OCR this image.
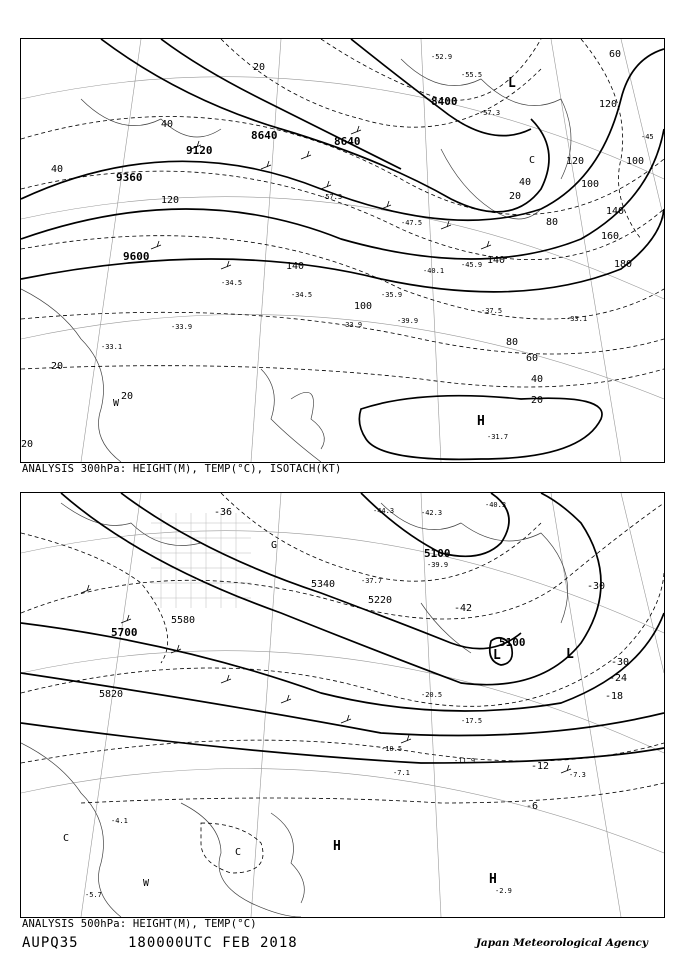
8400
8640	8640
9120
9360
9600
20
40
40
120
140
100
80
60
40
20
20
20
20
140
20
40
80
120
100
140
100
120
60
160
180
H
L
C
W
-31.7
-52.9
-55.5
-57.3
-45
-33.9
-37.5
-39.9
-35.9
-40.1
-45.9
-47.5
-34.5
-33.1
-57.3
-34.5
-33.9
-33.1
ANALYSIS 300hPa: HEIGHT(M), TEMP(°C), ISOTACH(KT)
5100
5100
5700
5220
5340
5820
5580
-36
-30
-30
-24
-18
-12
-6
-42
L	L
H
H
C
C
W
G
-11.9
-7.3
-2.9
-10.5
-7.1
-4.1
-5.7
-40.3
-44.3
-37.7
-42.3
-39.9
-17.5
-20.5
ANALYSIS 500hPa: HEIGHT(M), TEMP(°C)
AUPQ35	180000UTC FEB 2018	Japan Meteorological Agency
